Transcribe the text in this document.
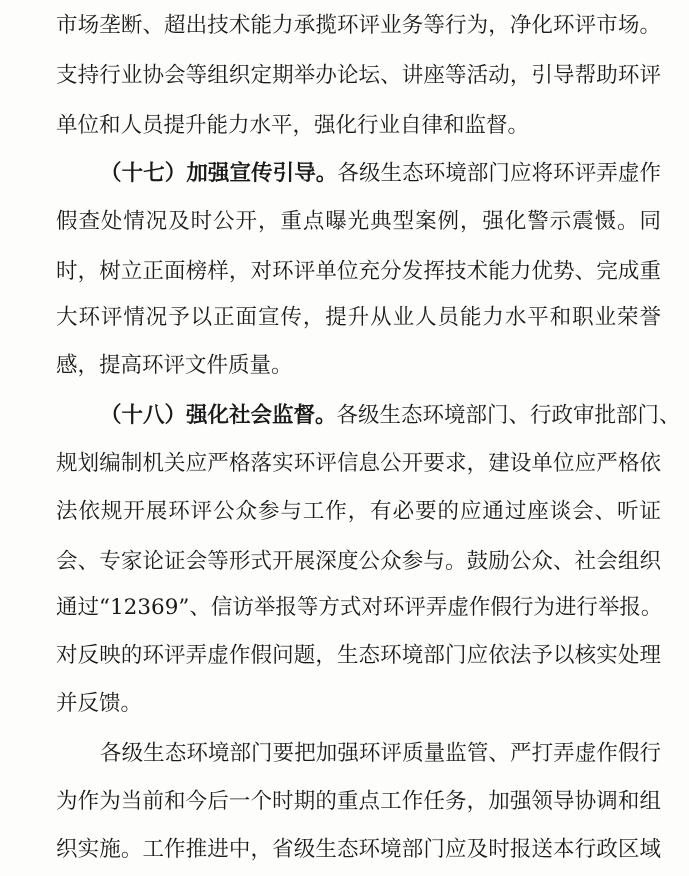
市场垄断、超出技术能力承揽环评业务等行为，净化环评市场。
支持行业协会等组织定期举办论坛、讲座等活动，引导帮助环评
单位和人员提升能力水平，强化行业自律和监督。
（十七）加强宣传引导。各级生态环境部门应将环评弄虚作
假查处情况及时公开，重点曝光典型案例，强化警示震慑。同
时，树立正面榜样，对环评单位充分发挥技术能力优势、完成重
大环评情况予以正面宣传，提升从业人员能力水平和职业荣誉
感，提高环评文件质量。
（十八）强化社会监督。各级生态环境部门、行政审批部门、
规划编制机关应严格落实环评信息公开要求，建设单位应严格依
法依规开展环评公众参与工作，有必要的应通过座谈会、听证
会、专家论证会等形式开展深度公众参与。鼓励公众、社会组织
通过“12369”、信访举报等方式对环评弄虚作假行为进行举报。
对反映的环评弄虚作假问题，生态环境部门应依法予以核实处理
并反馈。
各级生态环境部门要把加强环评质量监管、严打弄虚作假行
为作为当前和今后一个时期的重点工作任务，加强领导协调和组
织实施。工作推进中，省级生态环境部门应及时报送本行政区域
